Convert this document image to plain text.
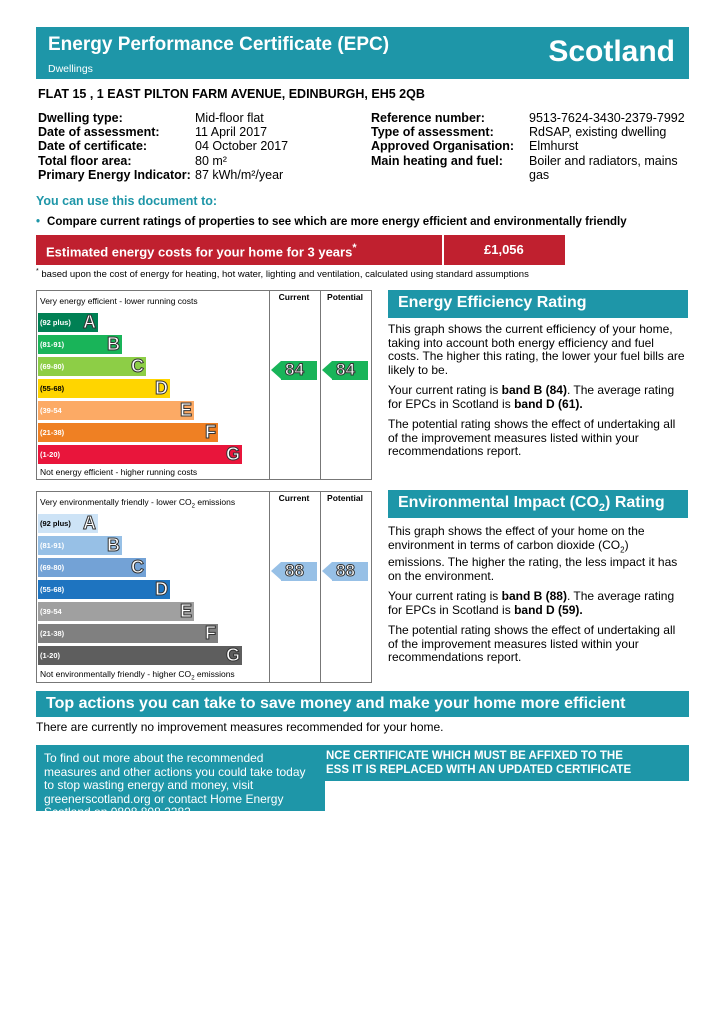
Energy Performance Certificate (EPC)
Dwellings
Scotland
FLAT 15 , 1 EAST PILTON FARM AVENUE, EDINBURGH, EH5 2QB
Dwelling type:	Mid-floor flat
Date of assessment:	11 April 2017
Date of certificate:	04 October 2017
Total floor area:	80 m²
Primary Energy Indicator: 87 kWh/m²/year
Reference number:	9513-7624-3430-2379-7992
Type of assessment:	RdSAP, existing dwelling
Approved Organisation:	Elmhurst
Main heating and fuel:	Boiler and radiators, mains gas
You can use this document to:
• Compare current ratings of properties to see which are more energy efficient and environmentally friendly
Estimated energy costs for your home for 3 years*	£1,056
* based upon the cost of energy for heating, hot water, lighting and ventilation, calculated using standard assumptions
Very energy efficient - lower running costs	Current	Potential
Not energy efficient - higher running costs
(92 plus) A
(81-91) B
(69-80)	C
(55-68)	D
(39-54	E
(21-38)	F
(1-20)	G
84 84
Energy Efficiency Rating

This graph shows the current efficiency of your home, taking into account both energy efficiency and fuel costs. The higher this rating, the lower your fuel bills are likely to be.

Your current rating is band B (84). The average rating for EPCs in Scotland is band D (61).

The potential rating shows the effect of undertaking all of the improvement measures listed within your recommendations report.

Very environmentally friendly - lower $CO_2$ emissions	Current	Potential
Not environmentally friendly - higher $CO_2$ emissions
(92 plus) A
(81-91) B
(69-80)	C
(55-68)	D
(39-54	E
(21-38)	F
(1-20)	G
88 88
Environmental Impact $(CO_2)$ Rating

This graph shows the effect of your home on the environment in terms of carbon dioxide $(CO_2)$ emissions. The higher the rating, the less impact it has on the environment.

Your current rating is band B (88). The average rating for EPCs in Scotland is band D (59).

The potential rating shows the effect of undertaking all of the improvement measures listed within your recommendations report.

Top actions you can take to save money and make your home more efficient
There are currently no improvement measures recommended for your home.
NCE CERTIFICATE WHICH MUST BE AFFIXED TO THE
ESS IT IS REPLACED WITH AN UPDATED CERTIFICATE
To find out more about the recommended measures and other actions you could take today to stop wasting energy and money, visit greenerscotland.org or contact Home Energy Scotland on 0808 808 2282.
